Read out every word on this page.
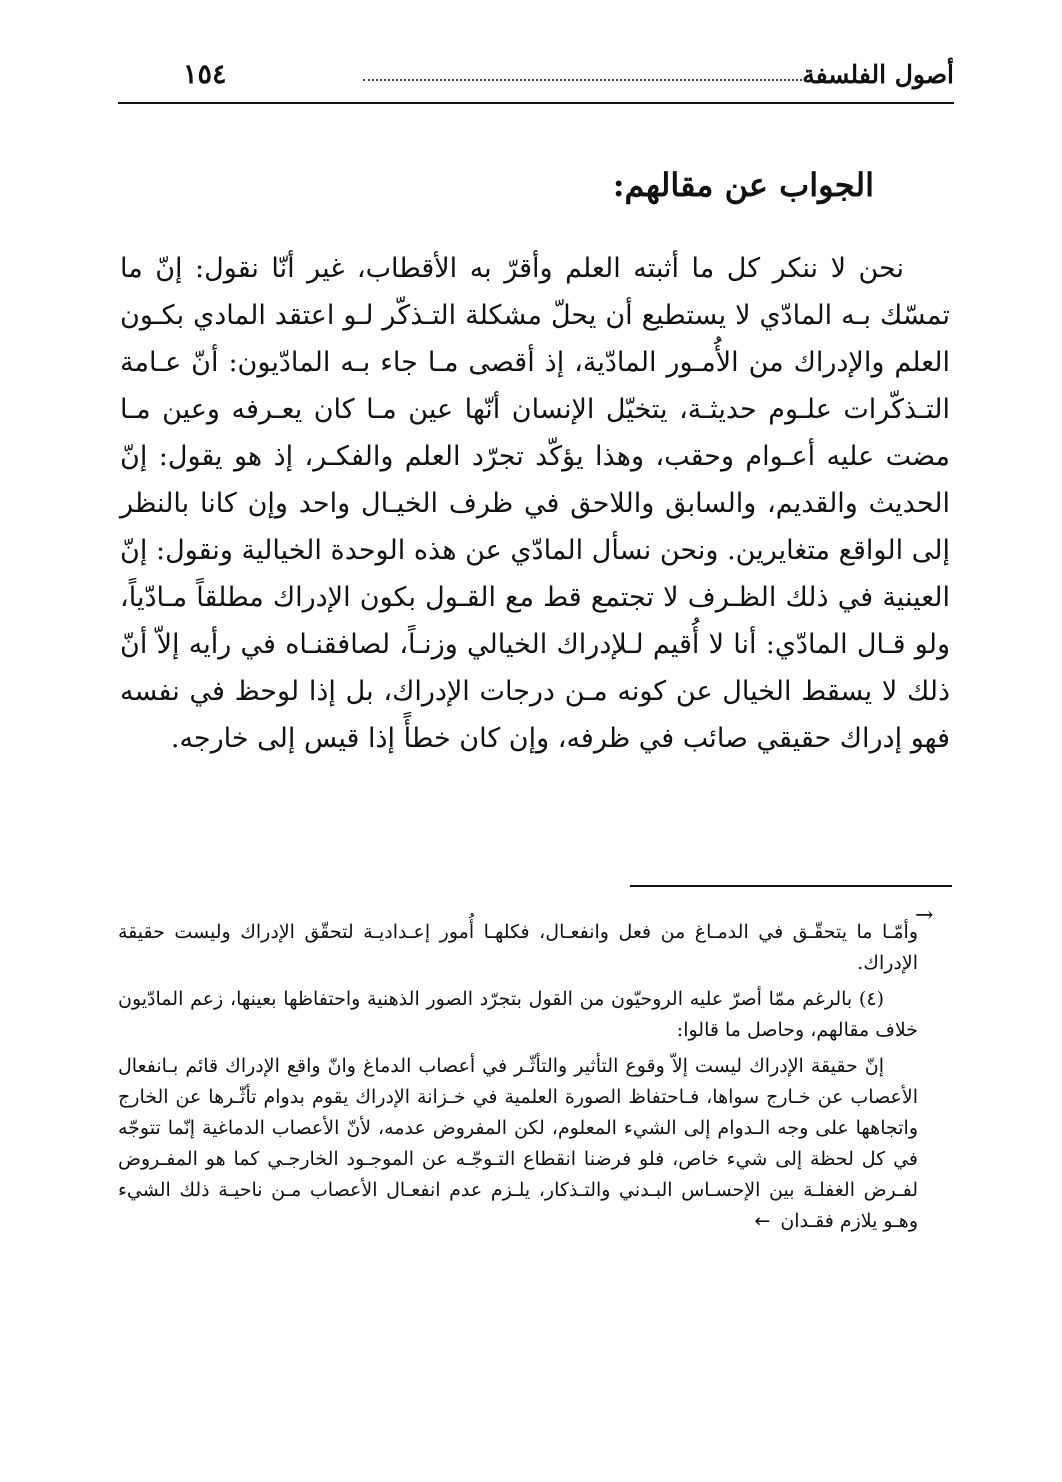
أصول الفلسفة
١٥٤
الجواب عن مقالهم:

نحن لا ننكر كل ما أثبته العلم وأقرّ به الأقطاب، غير أنّا نقول: إنّ ما تمسّك بـه المادّي لا يستطيع أن يحلّ مشكلة التـذكّر لـو اعتقد المادي بكـون العلم والإدراك من الأُمـور المادّية، إذ أقصى مـا جاء بـه المادّيون: أنّ عـامة التـذكّرات علـوم حديثـة، يتخيّل الإنسان أنّها عين مـا كان يعـرفه وعين مـا مضت عليه أعـوام وحقب، وهذا يؤكّد تجرّد العلم والفكـر، إذ هو يقول: إنّ الحديث والقديم، والسابق واللاحق في ظرف الخيـال واحد وإن كانا بالنظر إلى الواقع متغايرين. ونحن نسأل المادّي عن هذه الوحدة الخيالية ونقول: إنّ العينية في ذلك الظـرف لا تجتمع قط مع القـول بكون الإدراك مطلقاً مـادّياً، ولو قـال المادّي: أنا لا أُقيم لـلإدراك الخيالي وزنـاً، لصافقنـاه في رأيه إلاّ أنّ ذلك لا يسقط الخيال عن كونه مـن درجات الإدراك، بل إذا لوحظ في نفسه فهو إدراك حقيقي صائب في ظرفه، وإن كان خطأً إذا قيس إلى خارجه.

→

وأمّـا ما يتحقّـق في الدمـاغ من فعل وانفعـال، فكلهـا أُمور إعـداديـة لتحقّق الإدراك وليست حقيقة الإدراك.

(٤) بالرغم ممّا أصرّ عليه الروحيّون من القول بتجرّد الصور الذهنية واحتفاظها بعينها، زعم المادّيون خلاف مقالهم، وحاصل ما قالوا:

إنّ حقيقة الإدراك ليست إلاّ وقوع التأثير والتأثّـر في أعصاب الدماغ وانّ واقع الإدراك قائم بـانفعال الأعصاب عن خـارج سواها، فـاحتفاظ الصورة العلمية في خـزانة الإدراك يقوم بدوام تأثّـرها عن الخارج واتجاهها على وجه الـدوام إلى الشيء المعلوم، لكن المفروض عدمه، لأنّ الأعصاب الدماغية إنّما تتوجّه في كل لحظة إلى شيء خاص، فلو فرضنا انقطاع التـوجّـه عن الموجـود الخارجـي كما هو المفـروض لفـرض الغفلـة بين الإحسـاس البـدني والتـذكار، يلـزم عدم انفعـال الأعصاب مـن ناحيـة ذلك الشيء وهـو يلازم فقـدان←
